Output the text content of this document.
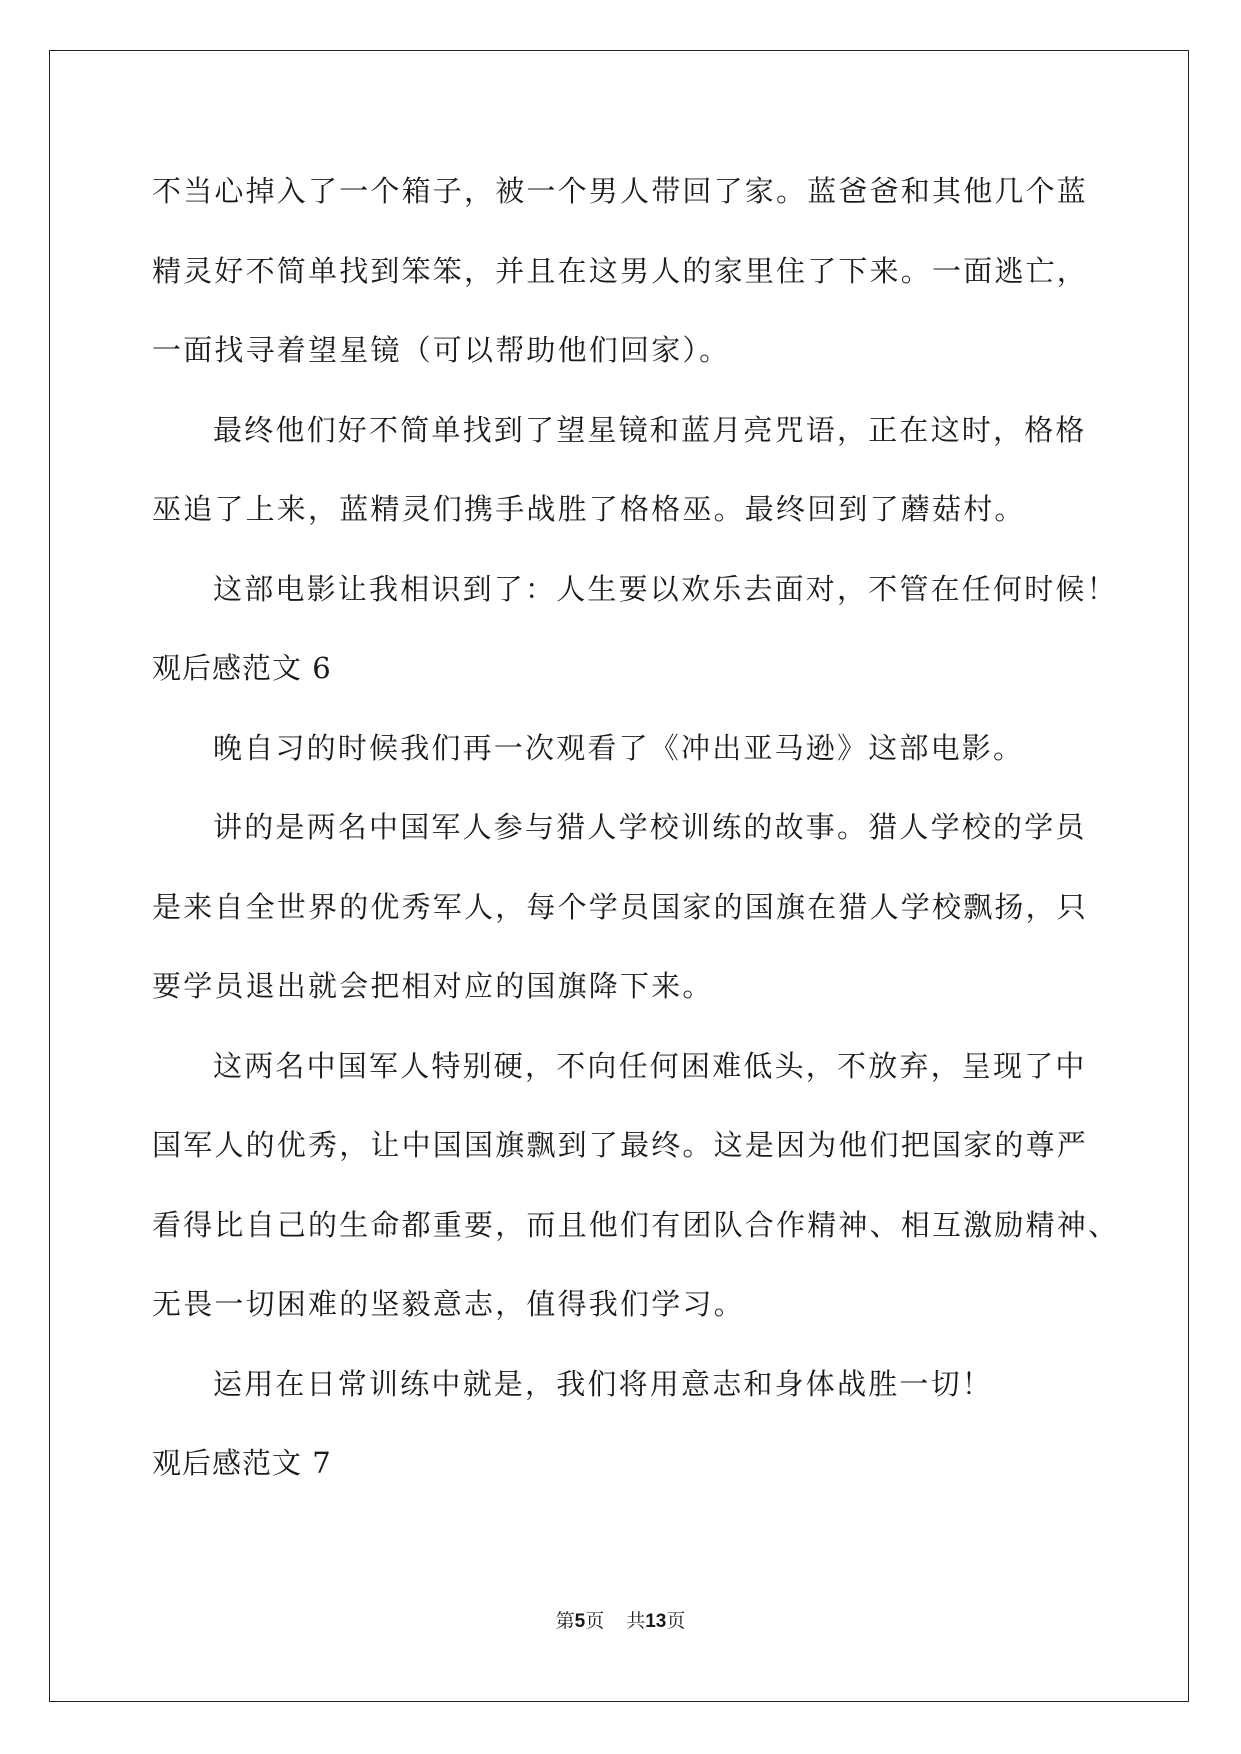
不当心掉入了一个箱子，被一个男人带回了家。蓝爸爸和其他几个蓝
精灵好不简单找到笨笨，并且在这男人的家里住了下来。一面逃亡，
一面找寻着望星镜（可以帮助他们回家）。
最终他们好不简单找到了望星镜和蓝月亮咒语，正在这时，格格
巫追了上来，蓝精灵们携手战胜了格格巫。最终回到了蘑菇村。
这部电影让我相识到了：人生要以欢乐去面对，不管在任何时候！
观后感范文 6
晚自习的时候我们再一次观看了《冲出亚马逊》这部电影。
讲的是两名中国军人参与猎人学校训练的故事。猎人学校的学员
是来自全世界的优秀军人，每个学员国家的国旗在猎人学校飘扬，只
要学员退出就会把相对应的国旗降下来。
这两名中国军人特别硬，不向任何困难低头，不放弃，呈现了中
国军人的优秀，让中国国旗飘到了最终。这是因为他们把国家的尊严
看得比自己的生命都重要，而且他们有团队合作精神、相互激励精神、
无畏一切困难的坚毅意志，值得我们学习。
运用在日常训练中就是，我们将用意志和身体战胜一切！
观后感范文 7
第5页 共13页
